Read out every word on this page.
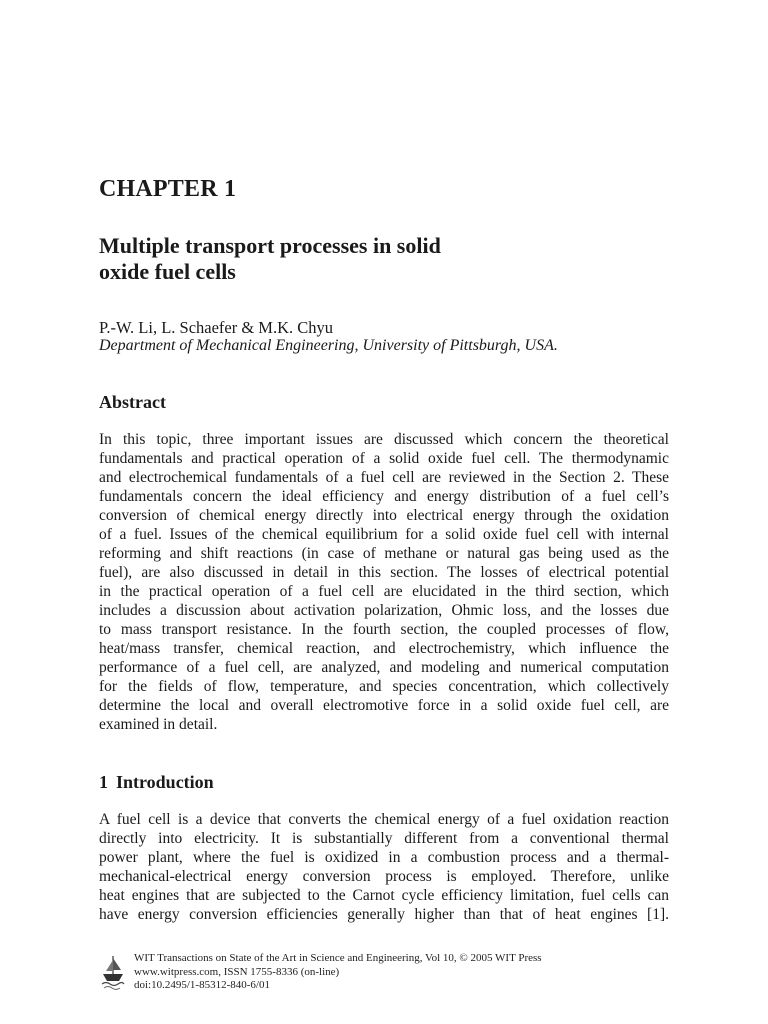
CHAPTER 1
Multiple transport processes in solid
oxide fuel cells

P.-W. Li, L. Schaefer & M.K. Chyu

Department of Mechanical Engineering, University of Pittsburgh, USA.

Abstract
In this topic, three important issues are discussed which concern the theoretical
fundamentals and practical operation of a solid oxide fuel cell. The thermodynamic
and electrochemical fundamentals of a fuel cell are reviewed in the Section 2. These
fundamentals concern the ideal efficiency and energy distribution of a fuel cell’s
conversion of chemical energy directly into electrical energy through the oxidation
of a fuel. Issues of the chemical equilibrium for a solid oxide fuel cell with internal
reforming and shift reactions (in case of methane or natural gas being used as the
fuel), are also discussed in detail in this section. The losses of electrical potential
in the practical operation of a fuel cell are elucidated in the third section, which
includes a discussion about activation polarization, Ohmic loss, and the losses due
to mass transport resistance. In the fourth section, the coupled processes of flow,
heat/mass transfer, chemical reaction, and electrochemistry, which influence the
performance of a fuel cell, are analyzed, and modeling and numerical computation
for the fields of flow, temperature, and species concentration, which collectively
determine the local and overall electromotive force in a solid oxide fuel cell, are
examined in detail.
1 Introduction
A fuel cell is a device that converts the chemical energy of a fuel oxidation reaction
directly into electricity. It is substantially different from a conventional thermal
power plant, where the fuel is oxidized in a combustion process and a thermal-
mechanical-electrical energy conversion process is employed. Therefore, unlike
heat engines that are subjected to the Carnot cycle efficiency limitation, fuel cells can
have energy conversion efficiencies generally higher than that of heat engines [1].
WIT Transactions on State of the Art in Science and Engineering, Vol 10, © 2005 WIT Press
www.witpress.com, ISSN 1755-8336 (on-line)
doi:10.2495/1-85312-840-6/01
